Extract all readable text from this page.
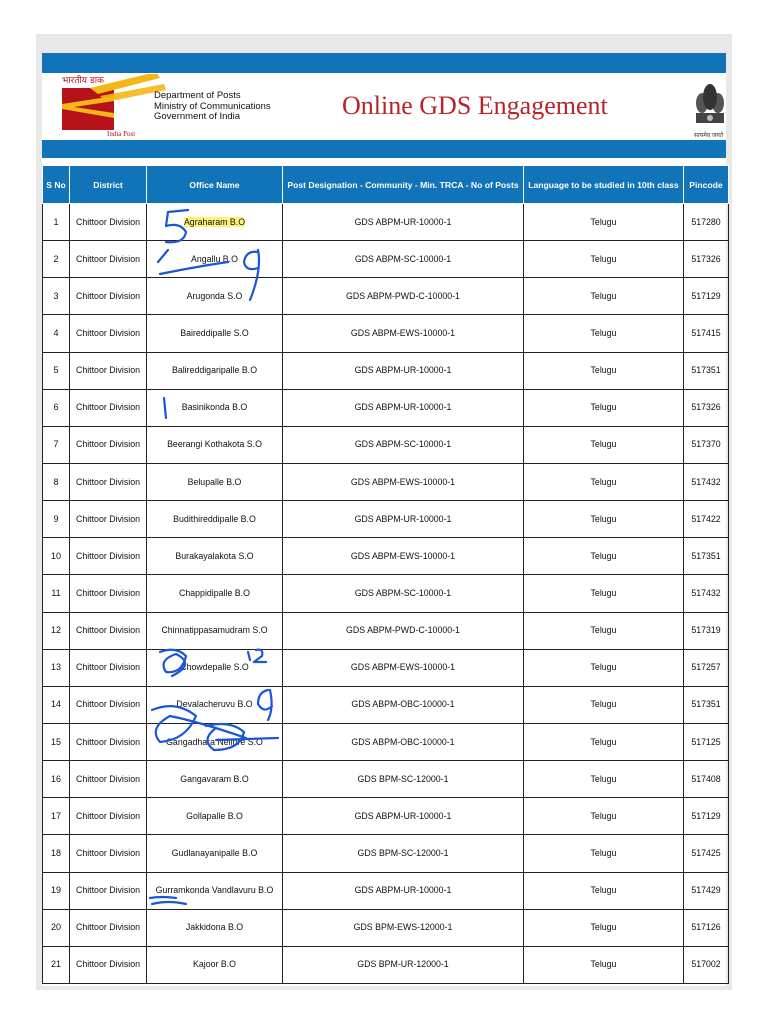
भारतीय डाक
India Post
Department of Posts
Ministry of Communications
Government of India	Online GDS Engagement
सत्यमेव जयते
S No	District	Office Name	Post Designation - Community - Min. TRCA - No of Posts	Language to be studied in 10th class	Pincode
1	Chittoor Division	Agraharam B.O	GDS ABPM-UR-10000-1	Telugu	517280
2	Chittoor Division	Angallu B.O	GDS ABPM-SC-10000-1	Telugu	517326
3	Chittoor Division	Arugonda S.O	GDS ABPM-PWD-C-10000-1	Telugu	517129
4	Chittoor Division	Baireddipalle S.O	GDS ABPM-EWS-10000-1	Telugu	517415
5	Chittoor Division	Balireddigaripalle B.O	GDS ABPM-UR-10000-1	Telugu	517351
6	Chittoor Division	Basinikonda B.O	GDS ABPM-UR-10000-1	Telugu	517326
7	Chittoor Division	Beerangi Kothakota S.O	GDS ABPM-SC-10000-1	Telugu	517370
8	Chittoor Division	Belupalle B.O	GDS ABPM-EWS-10000-1	Telugu	517432
9	Chittoor Division	Budithireddipalle B.O	GDS ABPM-UR-10000-1	Telugu	517422
10	Chittoor Division	Burakayalakota S.O	GDS ABPM-EWS-10000-1	Telugu	517351
11	Chittoor Division	Chappidipalle B.O	GDS ABPM-SC-10000-1	Telugu	517432
12	Chittoor Division	Chinnatippasamudram S.O	GDS ABPM-PWD-C-10000-1	Telugu	517319
13	Chittoor Division	Chowdepalle S.O	GDS ABPM-EWS-10000-1	Telugu	517257
14	Chittoor Division	Devalacheruvu B.O	GDS ABPM-OBC-10000-1	Telugu	517351
15	Chittoor Division	Gangadhara Nellore S.O	GDS ABPM-OBC-10000-1	Telugu	517125
16	Chittoor Division	Gangavaram B.O	GDS BPM-SC-12000-1	Telugu	517408
17	Chittoor Division	Gollapalle B.O	GDS ABPM-UR-10000-1	Telugu	517129
18	Chittoor Division	Gudlanayanipalle B.O	GDS BPM-SC-12000-1	Telugu	517425
19	Chittoor Division	Gurramkonda Vandlavuru B.O	GDS ABPM-UR-10000-1	Telugu	517429
20	Chittoor Division	Jakkidona B.O	GDS BPM-EWS-12000-1	Telugu	517126
21	Chittoor Division	Kajoor B.O	GDS BPM-UR-12000-1	Telugu	517002
